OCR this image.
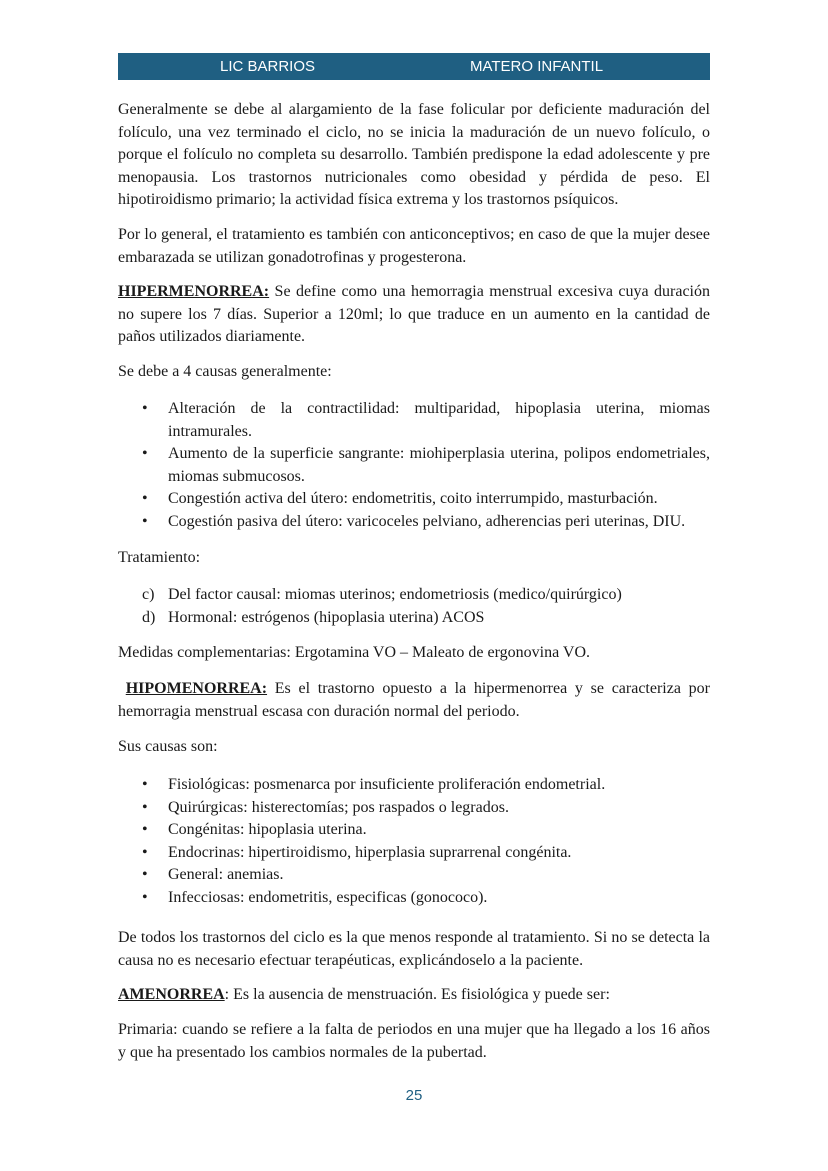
LIC BARRIOS	MATERO INFANTIL

Generalmente se debe al alargamiento de la fase folicular por deficiente maduración del folículo, una vez terminado el ciclo, no se inicia la maduración de un nuevo folículo, o porque el folículo no completa su desarrollo. También predispone la edad adolescente y pre menopausia. Los trastornos nutricionales como obesidad y pérdida de peso. El hipotiroidismo primario; la actividad física extrema y los trastornos psíquicos.

Por lo general, el tratamiento es también con anticonceptivos; en caso de que la mujer desee embarazada se utilizan gonadotrofinas y progesterona.

HIPERMENORREA: Se define como una hemorragia menstrual excesiva cuya duración no supere los 7 días. Superior a 120ml; lo que traduce en un aumento en la cantidad de paños utilizados diariamente.

Se debe a 4 causas generalmente:

• Alteración de la contractilidad: multiparidad, hipoplasia uterina, miomas intramurales.
• Aumento de la superficie sangrante: miohiperplasia uterina, polipos endometriales, miomas submucosos.
• Congestión activa del útero: endometritis, coito interrumpido, masturbación.
• Cogestión pasiva del útero: varicoceles pelviano, adherencias peri uterinas, DIU.

Tratamiento:

c) Del factor causal: miomas uterinos; endometriosis (medico/quirúrgico)
d) Hormonal: estrógenos (hipoplasia uterina) ACOS

Medidas complementarias: Ergotamina VO – Maleato de ergonovina VO.

HIPOMENORREA: Es el trastorno opuesto a la hipermenorrea y se caracteriza por hemorragia menstrual escasa con duración normal del periodo.

Sus causas son:

• Fisiológicas: posmenarca por insuficiente proliferación endometrial.
• Quirúrgicas: histerectomías; pos raspados o legrados.
• Congénitas: hipoplasia uterina.
• Endocrinas: hipertiroidismo, hiperplasia suprarrenal congénita.
• General: anemias.
• Infecciosas: endometritis, especificas (gonococo).

De todos los trastornos del ciclo es la que menos responde al tratamiento. Si no se detecta la causa no es necesario efectuar terapéuticas, explicándoselo a la paciente.

AMENORREA: Es la ausencia de menstruación. Es fisiológica y puede ser:

Primaria: cuando se refiere a la falta de periodos en una mujer que ha llegado a los 16 años y que ha presentado los cambios normales de la pubertad.

25
